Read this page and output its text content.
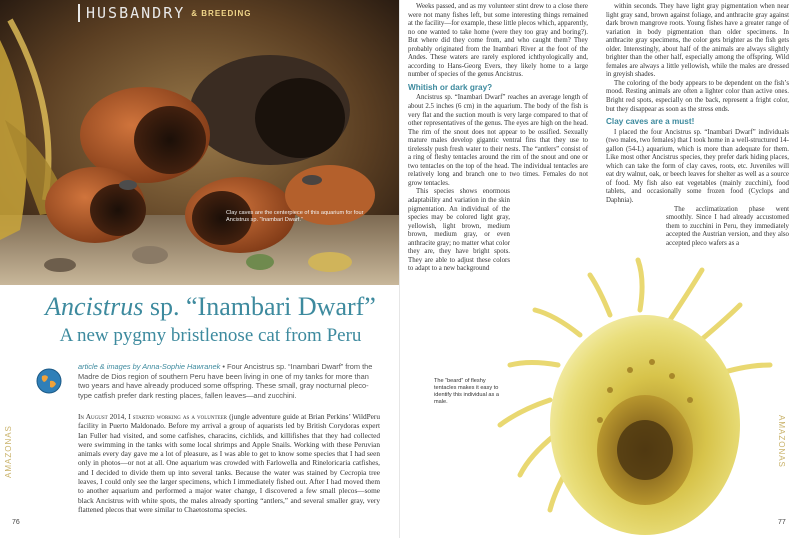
HUSBANDRY & BREEDING
Clay caves are the centerpiece of this aquarium for four Ancistrus sp. “Inambari Dwarf.”
Ancistrus sp. “Inambari Dwarf”
A new pygmy bristlenose cat from Peru
article & images by Anna-Sophie Hawranek • Four Ancistrus sp. “Inambari Dwarf” from the Madre de Dios region of southern Peru have been living in one of my tanks for more than two years and have already produced some offspring. These small, gray nocturnal pleco-type catfish prefer dark resting places, fallen leaves—and zucchini.
In August 2014, I started working as a volunteer (jungle adventure guide at Brian Perkins’ WildPeru facility in Puerto Maldonado. Before my arrival a group of aquarists led by British Corydoras expert Ian Fuller had visited, and some catfishes, characins, cichlids, and killifishes that they had collected were swimming in the tanks with some local shrimps and Apple Snails. Working with these Peruvian animals every day gave me a lot of pleasure, as I was able to get to know some species that I had seen only in photos—or not at all. One aquarium was crowded with Farlowella and Rineloricaria catfishes, and I decided to divide them up into several tanks. Because the water was stained by Cecropia tree leaves, I could only see the larger specimens, which I immediately fished out. After I had moved them to another aquarium and performed a major water change, I discovered a few small plecos—some black Ancistrus with white spots, the males already sporting “antlers,” and several smaller gray, very flattened plecos that were similar to Chaetostoma species.
AMAZONAS
76

Weeks passed, and as my volunteer stint drew to a close there were not many fishes left, but some interesting things remained at the facility—for example, these little plecos which, apparently, no one wanted to take home (were they too gray and boring?). But where did they come from, and who caught them? They probably originated from the Inambari River at the foot of the Andes. These waters are rarely explored ichthyologically and, according to Hans-Georg Evers, they likely home to a large number of species of the genus Ancistrus.

Whitish or dark gray?

Ancistrus sp. “Inambari Dwarf” reaches an average length of about 2.5 inches (6 cm) in the aquarium. The body of the fish is very flat and the suction mouth is very large compared to that of other representatives of the genus. The eyes are high on the head. The rim of the snout does not appear to be ossified. Sexually mature males develop gigantic ventral fins that they use to tirelessly push fresh water to their nests. The “antlers” consist of a ring of fleshy tentacles around the rim of the snout and one or two tentacles on the top of the head. The individual tentacles are relatively long and branch one to two times. Females do not grow tentacles.

This species shows enormous adaptability and variation in the skin pigmentation. An individual of the species may be colored light gray, yellowish, light brown, medium brown, medium gray, or even anthracite gray; no matter what color they are, they have bright spots. They are able to adjust these colors to adapt to a new background

within seconds. They have light gray pigmentation when near light gray sand, brown against foliage, and anthracite gray against dark brown mangrove roots. Young fishes have a greater range of variation in body pigmentation than older specimens. In anthracite gray specimens, the color gets brighter as the fish gets older. Interestingly, about half of the animals are always slightly brighter than the other half, especially among the offspring. Wild females are always a little yellowish, while the males are dressed in greyish shades.

The coloring of the body appears to be dependent on the fish’s mood. Resting animals are often a lighter color than active ones. Bright red spots, especially on the back, represent a fright color, but they disappear as soon as the stress ends.

Clay caves are a must!

I placed the four Ancistrus sp. “Inambari Dwarf” individuals (two males, two females) that I took home in a well-structured 14-gallon (54-L) aquarium, which is more than adequate for them. Like most other Ancistrus species, they prefer dark hiding places, which can take the form of clay caves, roots, etc. Juveniles will eat dry walnut, oak, or beech leaves for shelter as well as a source of food. My fish also eat vegetables (mainly zucchini), food tablets, and occasionally some frozen food (Cyclops and Daphnia).

The acclimatization phase went smoothly. Since I had already accustomed them to zucchini in Peru, they immediately accepted the Austrian version, and they also accepted pleco wafers as a

The “beard” of fleshy tentacles makes it easy to identify this individual as a male.
AMAZONAS
77
